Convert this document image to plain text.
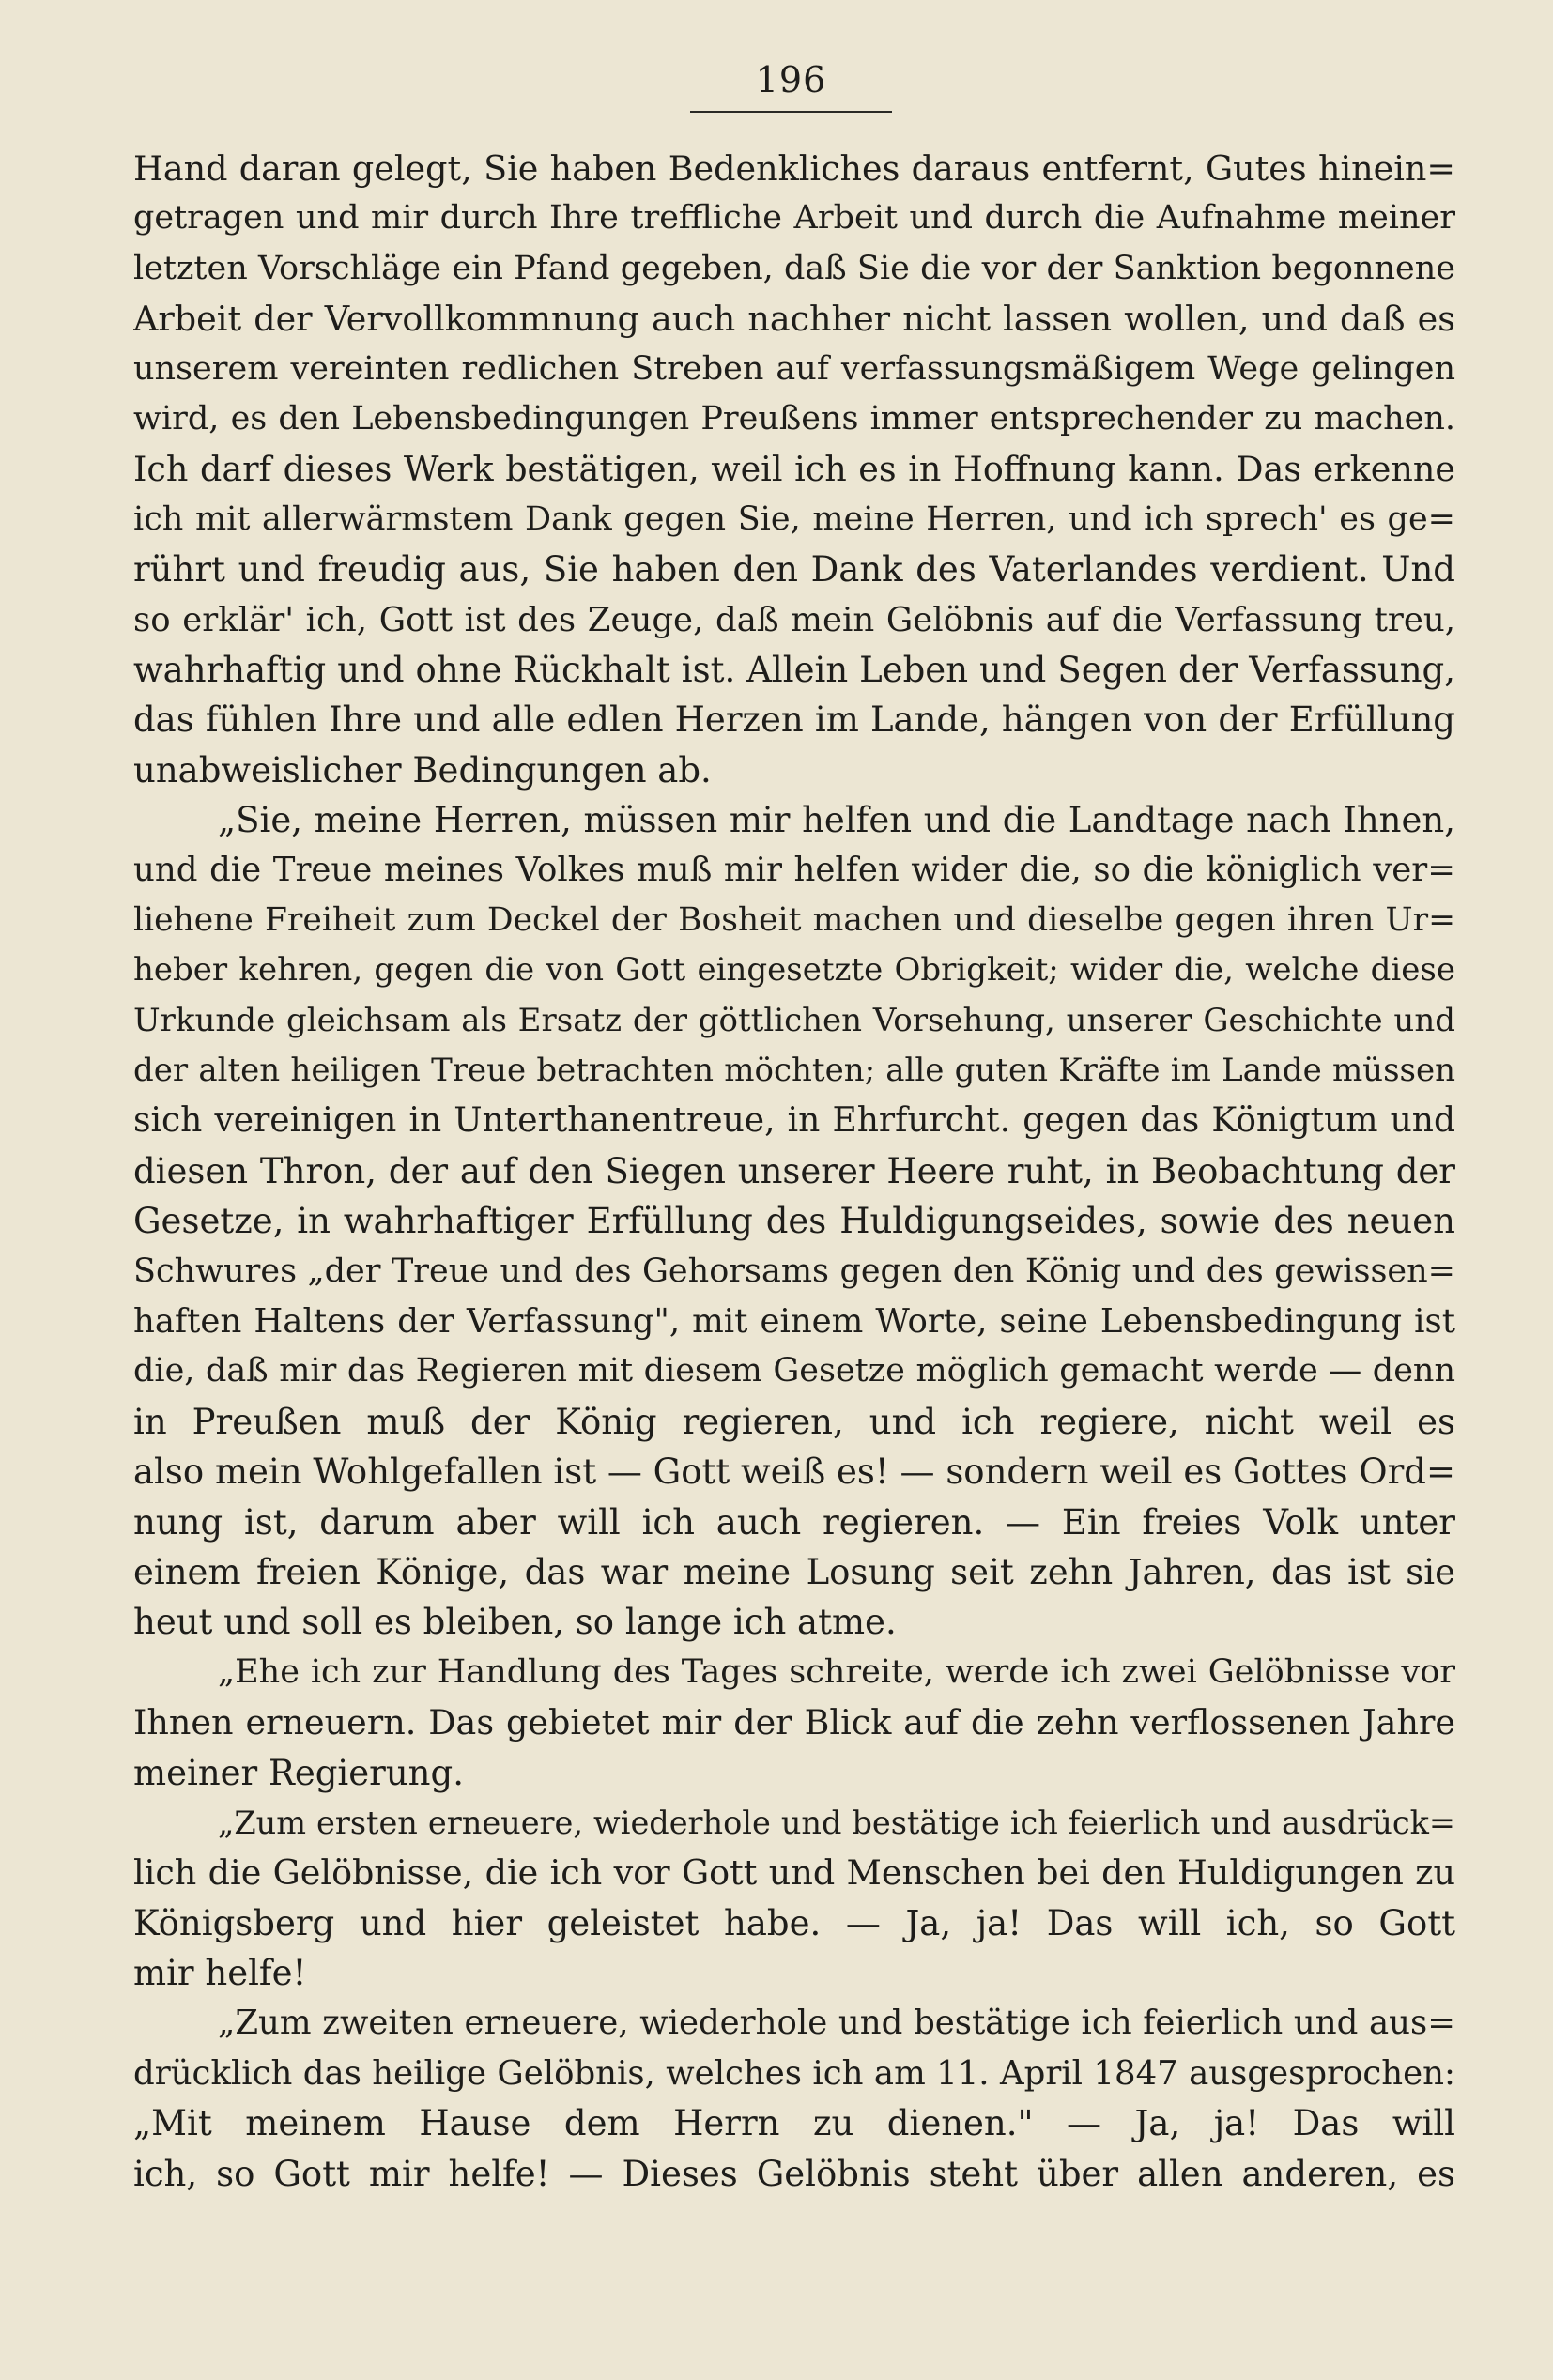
196
Hand daran gelegt, Sie haben Bedenkliches daraus entfernt, Gutes hinein=
getragen und mir durch Ihre treffliche Arbeit und durch die Aufnahme meiner
letzten Vorschläge ein Pfand gegeben, daß Sie die vor der Sanktion begonnene
Arbeit der Vervollkommnung auch nachher nicht lassen wollen, und daß es
unserem vereinten redlichen Streben auf verfassungsmäßigem Wege gelingen
wird, es den Lebensbedingungen Preußens immer entsprechender zu machen.
Ich darf dieses Werk bestätigen, weil ich es in Hoffnung kann. Das erkenne
ich mit allerwärmstem Dank gegen Sie, meine Herren, und ich sprech' es ge=
rührt und freudig aus, Sie haben den Dank des Vaterlandes verdient. Und
so erklär' ich, Gott ist des Zeuge, daß mein Gelöbnis auf die Verfassung treu,
wahrhaftig und ohne Rückhalt ist. Allein Leben und Segen der Verfassung,
das fühlen Ihre und alle edlen Herzen im Lande, hängen von der Erfüllung
unabweislicher Bedingungen ab.
„Sie, meine Herren, müssen mir helfen und die Landtage nach Ihnen,
und die Treue meines Volkes muß mir helfen wider die, so die königlich ver=
liehene Freiheit zum Deckel der Bosheit machen und dieselbe gegen ihren Ur=
heber kehren, gegen die von Gott eingesetzte Obrigkeit; wider die, welche diese
Urkunde gleichsam als Ersatz der göttlichen Vorsehung, unserer Geschichte und
der alten heiligen Treue betrachten möchten; alle guten Kräfte im Lande müssen
sich vereinigen in Unterthanentreue, in Ehrfurcht. gegen das Königtum und
diesen Thron, der auf den Siegen unserer Heere ruht, in Beobachtung der
Gesetze, in wahrhaftiger Erfüllung des Huldigungseides, sowie des neuen
Schwures „der Treue und des Gehorsams gegen den König und des gewissen=
haften Haltens der Verfassung", mit einem Worte, seine Lebensbedingung ist
die, daß mir das Regieren mit diesem Gesetze möglich gemacht werde — denn
in Preußen muß der König regieren, und ich regiere, nicht weil es
also mein Wohlgefallen ist — Gott weiß es! — sondern weil es Gottes Ord=
nung ist, darum aber will ich auch regieren. — Ein freies Volk unter
einem freien Könige, das war meine Losung seit zehn Jahren, das ist sie
heut und soll es bleiben, so lange ich atme.
„Ehe ich zur Handlung des Tages schreite, werde ich zwei Gelöbnisse vor
Ihnen erneuern. Das gebietet mir der Blick auf die zehn verflossenen Jahre
meiner Regierung.
„Zum ersten erneuere, wiederhole und bestätige ich feierlich und ausdrück=
lich die Gelöbnisse, die ich vor Gott und Menschen bei den Huldigungen zu
Königsberg und hier geleistet habe. — Ja, ja! Das will ich, so Gott
mir helfe!
„Zum zweiten erneuere, wiederhole und bestätige ich feierlich und aus=
drücklich das heilige Gelöbnis, welches ich am 11. April 1847 ausgesprochen:
„Mit meinem Hause dem Herrn zu dienen." — Ja, ja! Das will
ich, so Gott mir helfe! — Dieses Gelöbnis steht über allen anderen, es
